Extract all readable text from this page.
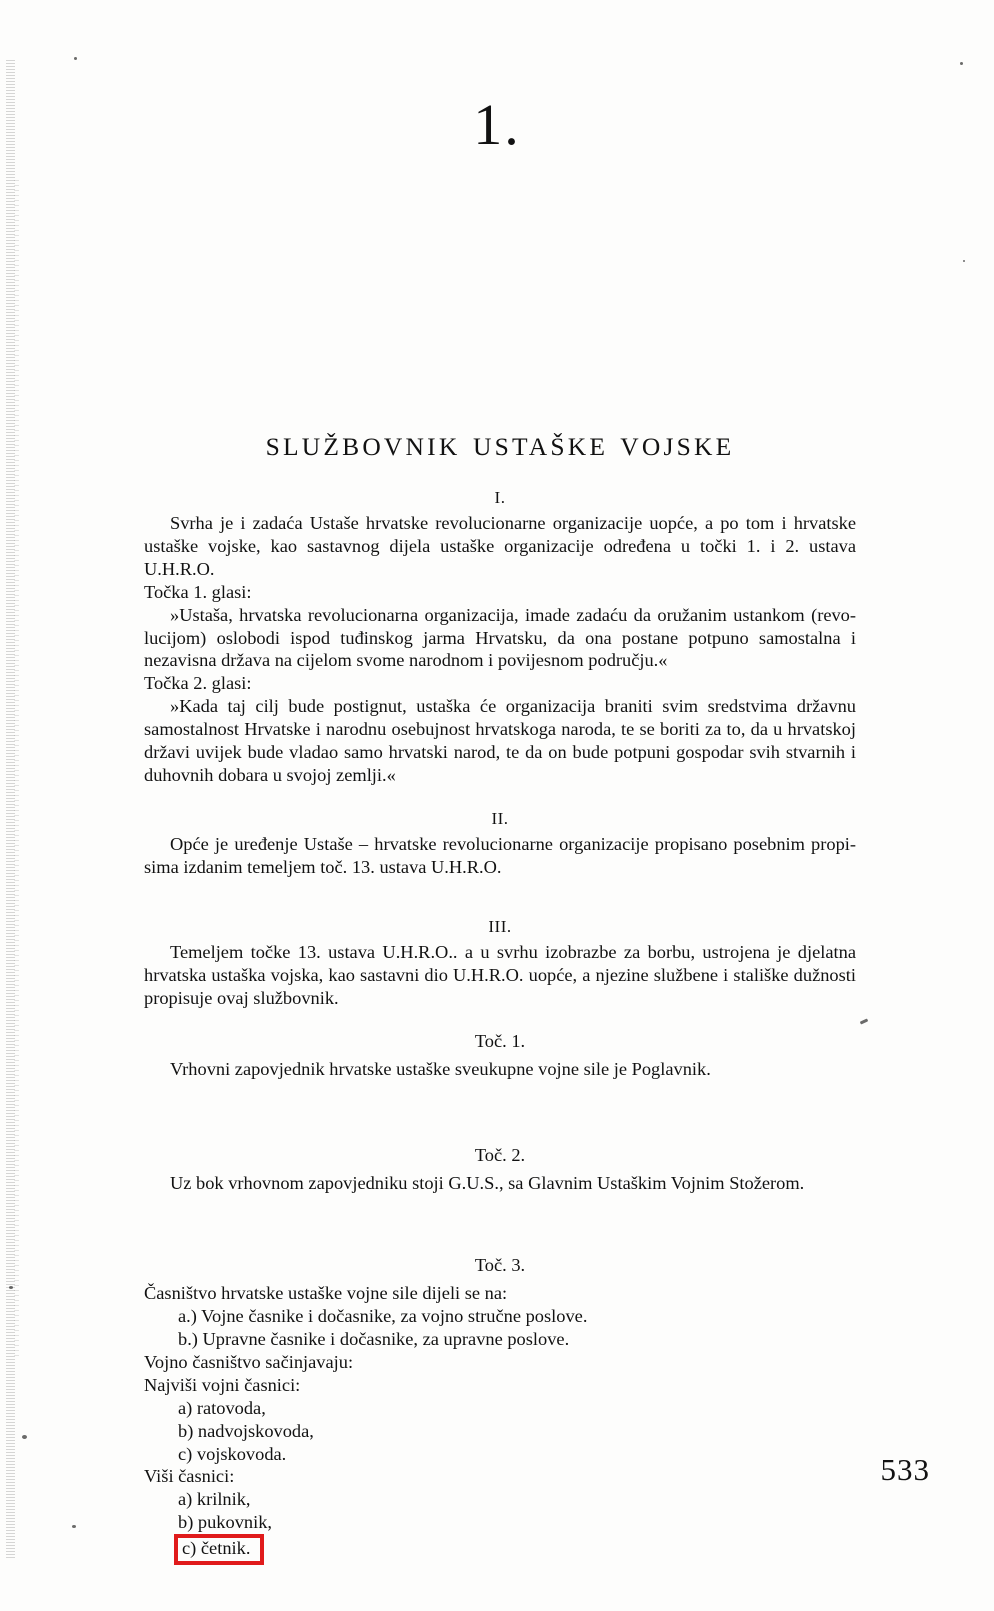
1.
SLUŽBOVNIK USTAŠKE VOJSKE
I.

Svrha je i zadaća Ustaše hrvatske revolucionarne organizacije uopće, a po tom i hrvatske ustaške vojske, kao sastavnog dijela ustaške organizacije određena u točki 1. i 2. ustava U.H.R.O.

Točka 1. glasi:

»Ustaša, hrvatska revolucionarna organizacija, imade zadaću da oružanim ustankom (revolucijom) oslobodi ispod tuđinskog jarma Hrvatsku, da ona postane potpuno samostalna i nezavisna država na cijelom svome narodnom i povijesnom području.«

Točka 2. glasi:

»Kada taj cilj bude postignut, ustaška će organizacija braniti svim sredstvima državnu samostalnost Hrvatske i narodnu osebujnost hrvatskoga naroda, te se boriti za to, da u hrvatskoj državi uvijek bude vladao samo hrvatski narod, te da on bude potpuni gospodar svih stvarnih i duhovnih dobara u svojoj zemlji.«

II.

Opće je uređenje Ustaše – hrvatske revolucionarne organizacije propisano posebnim propisima izdanim temeljem toč. 13. ustava U.H.R.O.

III.

Temeljem točke 13. ustava U.H.R.O.. a u svrhu izobrazbe za borbu, ustrojena je djelatna hrvatska ustaška vojska, kao sastavni dio U.H.R.O. uopće, a njezine službene i stališke dužnosti propisuje ovaj službovnik.

Toč. 1.

Vrhovni zapovjednik hrvatske ustaške sveukupne vojne sile je Poglavnik.

Toč. 2.

Uz bok vrhovnom zapovjedniku stoji G.U.S., sa Glavnim Ustaškim Vojnim Stožerom.

Toč. 3.

Časništvo hrvatske ustaške vojne sile dijeli se na:

a.) Vojne časnike i dočasnike, za vojno stručne poslove.
b.) Upravne časnike i dočasnike, za upravne poslove.

Vojno časništvo sačinjavaju:

Najviši vojni časnici:

a) ratovoda,
b) nadvojskovoda,
c) vojskovoda.

Viši časnici:

a) krilnik,
b) pukovnik,
c) četnik.
533
